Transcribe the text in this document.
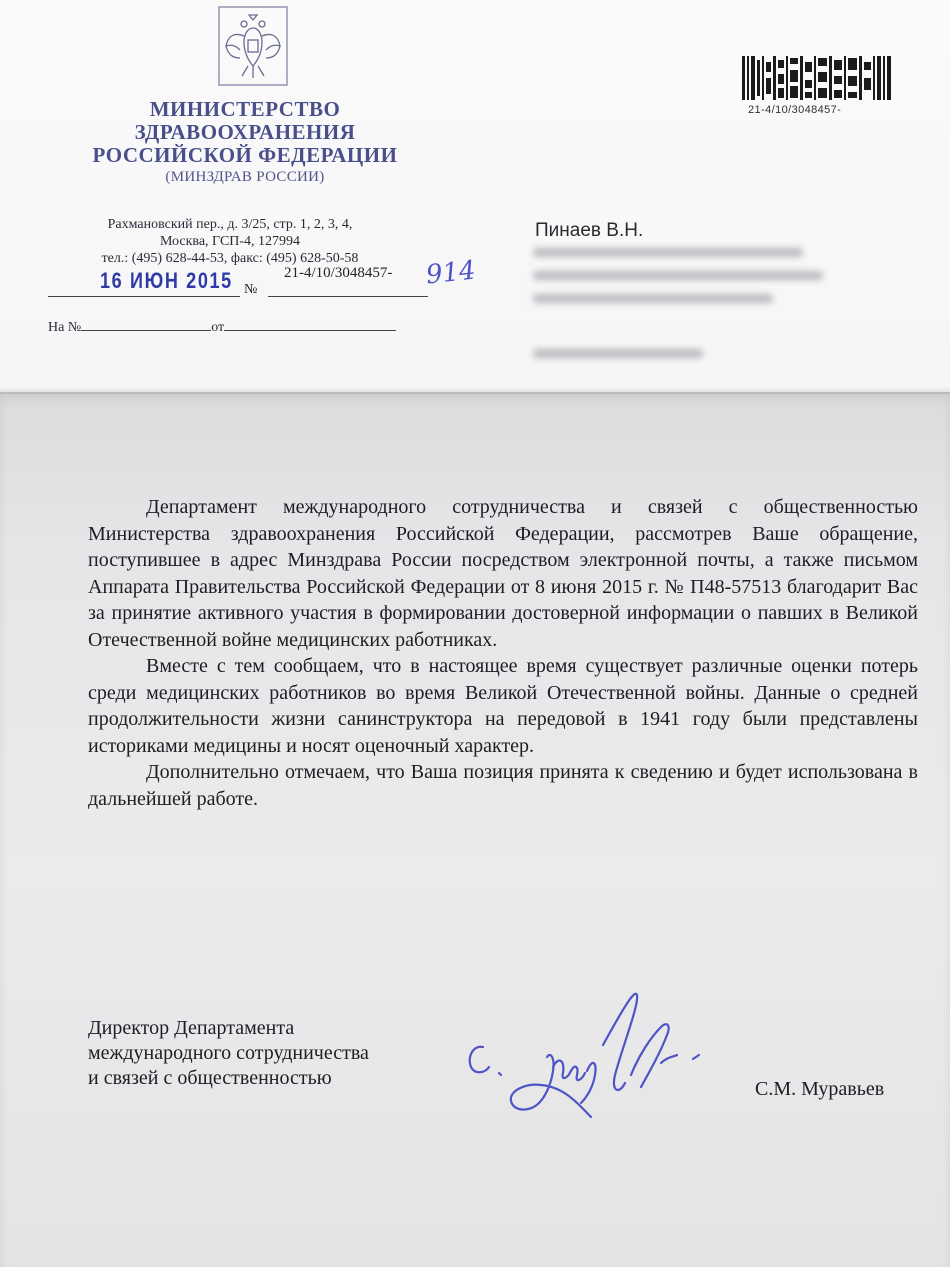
МИНИСТЕРСТВО
ЗДРАВООХРАНЕНИЯ
РОССИЙСКОЙ ФЕДЕРАЦИИ
(МИНЗДРАВ РОССИИ)
Рахмановский пер., д. 3/25, стр. 1, 2, 3, 4,
Москва, ГСП-4, 127994
тел.: (495) 628-44-53, факс: (495) 628-50-58
16 ИЮН 2015 №
21-4/10/3048457- 914
На №	от
21-4/10/3048457-
Пинаев В.Н.

Департамент международного сотрудничества и связей с общественностью Министерства здравоохранения Российской Федерации, рассмотрев Ваше обращение, поступившее в адрес Минздрава России посредством электронной почты, а также письмом Аппарата Правительства Российской Федерации от 8 июня 2015 г. № П48-57513 благодарит Вас за принятие активного участия в формировании достоверной информации о павших в Великой Отечественной войне медицинских работниках.

Вместе с тем сообщаем, что в настоящее время существует различные оценки потерь среди медицинских работников во время Великой Отечественной войны. Данные о средней продолжительности жизни санинструктора на передовой в 1941 году были представлены историками медицины и носят оценочный характер.

Дополнительно отмечаем, что Ваша позиция принята к сведению и будет использована в дальнейшей работе.

Директор Департамента
международного сотрудничества
и связей с общественностью	С.М. Муравьев
